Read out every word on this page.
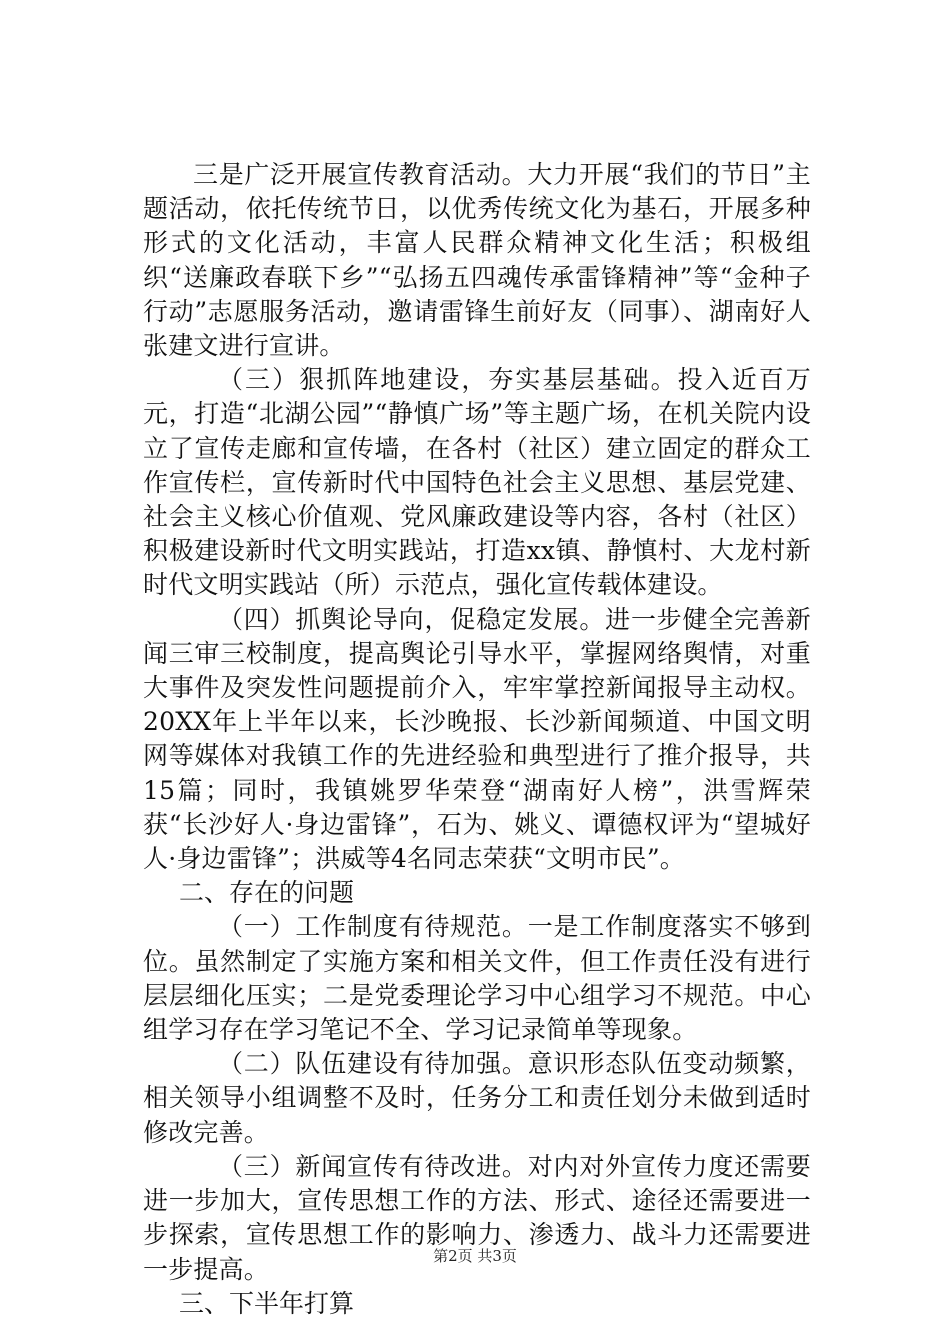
三是广泛开展宣传教育活动。大力开展“我们的节日”主题活动，依托传统节日，以优秀传统文化为基石，开展多种形式的文化活动，丰富人民群众精神文化生活；积极组织“送廉政春联下乡”“弘扬五四魂传承雷锋精神”等“金种子行动”志愿服务活动，邀请雷锋生前好友（同事）、湖南好人张建文进行宣讲。

（三）狠抓阵地建设，夯实基层基础。投入近百万元，打造“北湖公园”“静慎广场”等主题广场，在机关院内设立了宣传走廊和宣传墙，在各村（社区）建立固定的群众工作宣传栏，宣传新时代中国特色社会主义思想、基层党建、社会主义核心价值观、党风廉政建设等内容，各村（社区）积极建设新时代文明实践站，打造xx镇、静慎村、大龙村新时代文明实践站（所）示范点，强化宣传载体建设。

（四）抓舆论导向，促稳定发展。进一步健全完善新闻三审三校制度，提高舆论引导水平，掌握网络舆情，对重大事件及突发性问题提前介入，牢牢掌控新闻报导主动权。20XX年上半年以来，长沙晚报、长沙新闻频道、中国文明网等媒体对我镇工作的先进经验和典型进行了推介报导，共15篇；同时，我镇姚罗华荣登“湖南好人榜”，洪雪辉荣获“长沙好人·身边雷锋”，石为、姚义、谭德权评为“望城好人·身边雷锋”；洪威等4名同志荣获“文明市民”。

二、存在的问题

（一）工作制度有待规范。一是工作制度落实不够到位。虽然制定了实施方案和相关文件，但工作责任没有进行层层细化压实；二是党委理论学习中心组学习不规范。中心组学习存在学习笔记不全、学习记录简单等现象。

（二）队伍建设有待加强。意识形态队伍变动频繁，相关领导小组调整不及时，任务分工和责任划分未做到适时修改完善。

（三）新闻宣传有待改进。对内对外宣传力度还需要进一步加大，宣传思想工作的方法、形式、途径还需要进一步探索，宣传思想工作的影响力、渗透力、战斗力还需要进一步提高。

三、下半年打算

第2页 共3页
